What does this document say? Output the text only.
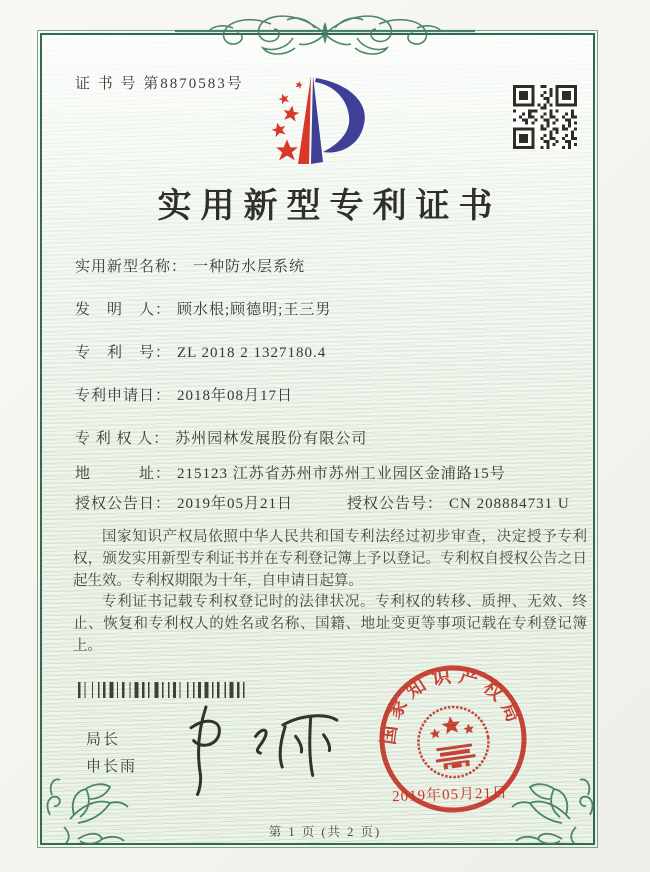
证 书 号 第8870583号
实用新型专利证书
实用新型名称： 一种防水层系统
发　明　人： 顾水根;顾德明;王三男
专　利　号： ZL 2018 2 1327180.4
专利申请日： 2018年08月17日
专 利 权 人： 苏州园林发展股份有限公司
地　　　址： 215123 江苏省苏州市苏州工业园区金浦路15号
授权公告日： 2019年05月21日	授权公告号： CN 208884731 U

国家知识产权局依照中华人民共和国专利法经过初步审查，决定授予专利权，颁发实用新型专利证书并在专利登记簿上予以登记。专利权自授权公告之日起生效。专利权期限为十年，自申请日起算。

专利证书记载专利权登记时的法律状况。专利权的转移、质押、无效、终止、恢复和专利权人的姓名或名称、国籍、地址变更等事项记载在专利登记簿上。

局长
申长雨
国家知识产权局
2019年05月21日
第 1 页 (共 2 页)
